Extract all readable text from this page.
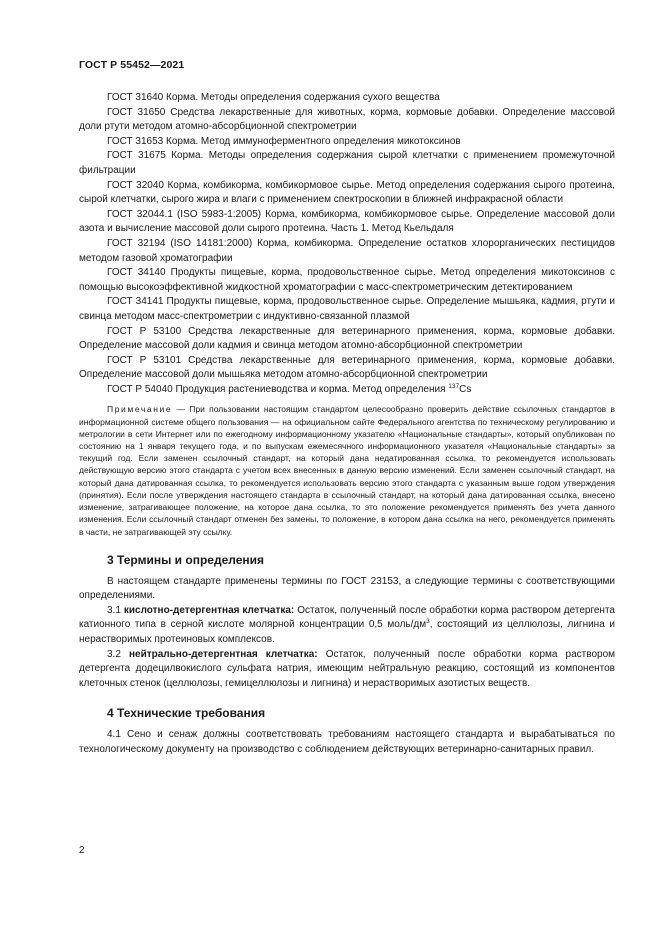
ГОСТ Р 55452—2021

ГОСТ 31640 Корма. Методы определения содержания сухого вещества

ГОСТ 31650 Средства лекарственные для животных, корма, кормовые добавки. Определение массовой доли ртути методом атомно-абсорбционной спектрометрии

ГОСТ 31653 Корма. Метод иммуноферментного определения микотоксинов

ГОСТ 31675 Корма. Методы определения содержания сырой клетчатки с применением промежуточной фильтрации

ГОСТ 32040 Корма, комбикорма, комбикормовое сырье. Метод определения содержания сырого протеина, сырой клетчатки, сырого жира и влаги с применением спектроскопии в ближней инфракрасной области

ГОСТ 32044.1 (ISO 5983-1:2005) Корма, комбикорма, комбикормовое сырье. Определение массовой доли азота и вычисление массовой доли сырого протеина. Часть 1. Метод Кьельдаля

ГОСТ 32194 (ISO 14181:2000) Корма, комбикорма. Определение остатков хлорорганических пестицидов методом газовой хроматографии

ГОСТ 34140 Продукты пищевые, корма, продовольственное сырье. Метод определения микотоксинов с помощью высокоэффективной жидкостной хроматографии с масс-спектрометрическим детектированием

ГОСТ 34141 Продукты пищевые, корма, продовольственное сырье. Определение мышьяка, кадмия, ртути и свинца методом масс-спектрометрии с индуктивно-связанной плазмой

ГОСТ Р 53100 Средства лекарственные для ветеринарного применения, корма, кормовые добавки. Определение массовой доли кадмия и свинца методом атомно-абсорбционной спектрометрии

ГОСТ Р 53101 Средства лекарственные для ветеринарного применения, корма, кормовые добавки. Определение массовой доли мышьяка методом атомно-абсорбционной спектрометрии

ГОСТ Р 54040 Продукция растениеводства и корма. Метод определения $^{137}$Cs

Примечание — При пользовании настоящим стандартом целесообразно проверить действие ссылочных стандартов в информационной системе общего пользования — на официальном сайте Федерального агентства по техническому регулированию и метрологии в сети Интернет или по ежегодному информационному указателю «Национальные стандарты», который опубликован по состоянию на 1 января текущего года, и по выпускам ежемесячного информационного указателя «Национальные стандарты» за текущий год. Если заменен ссылочный стандарт, на который дана недатированная ссылка, то рекомендуется использовать действующую версию этого стандарта с учетом всех внесенных в данную версию изменений. Если заменен ссылочный стандарт, на который дана датированная ссылка, то рекомендуется использовать версию этого стандарта с указанным выше годом утверждения (принятия). Если после утверждения настоящего стандарта в ссылочный стандарт, на который дана датированная ссылка, внесено изменение, затрагивающее положение, на которое дана ссылка, то это положение рекомендуется применять без учета данного изменения. Если ссылочный стандарт отменен без замены, то положение, в котором дана ссылка на него, рекомендуется применять в части, не затрагивающей эту ссылку.

3 Термины и определения

В настоящем стандарте применены термины по ГОСТ 23153, а следующие термины с соответствующими определениями.

3.1 кислотно-детергентная клетчатка: Остаток, полученный после обработки корма раствором детергента катионного типа в серной кислоте молярной концентрации 0,5 моль/$дм^3$, состоящий из целлюлозы, лигнина и нерастворимых протеиновых комплексов.

3.2 нейтрально-детергентная клетчатка: Остаток, полученный после обработки корма раствором детергента додецилвокислого сульфата натрия, имеющим нейтральную реакцию, состоящий из компонентов клеточных стенок (целлюлозы, гемицеллюлозы и лигнина) и нерастворимых азотистых веществ.

4 Технические требования

4.1 Сено и сенаж должны соответствовать требованиям настоящего стандарта и вырабатываться по технологическому документу на производство с соблюдением действующих ветеринарно-санитарных правил.

2
